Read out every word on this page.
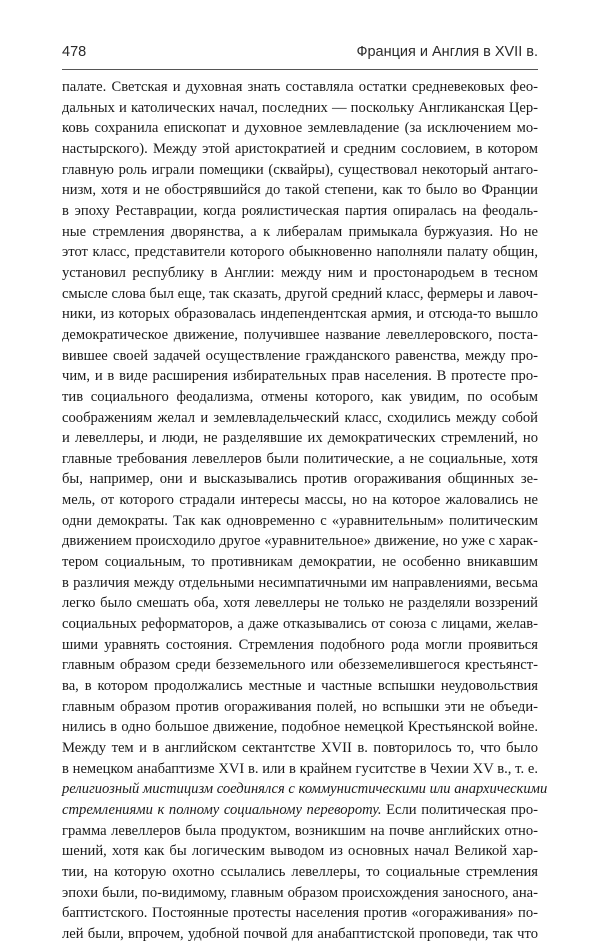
478	Франция и Англия в XVII в.
палате. Светская и духовная знать составляла остатки средневековых фео-
дальных и католических начал, последних — поскольку Англиканская Цер-
ковь сохранила епископат и духовное землевладение (за исключением мо-
настырского). Между этой аристократией и средним сословием, в котором
главную роль играли помещики (сквайры), существовал некоторый антаго-
низм, хотя и не обострявшийся до такой степени, как то было во Франции
в эпоху Реставрации, когда роялистическая партия опиралась на феодаль-
ные стремления дворянства, а к либералам примыкала буржуазия. Но не
этот класс, представители которого обыкновенно наполняли палату общин,
установил республику в Англии: между ним и простонародьем в тесном
смысле слова был еще, так сказать, другой средний класс, фермеры и лавоч-
ники, из которых образовалась индепендентская армия, и отсюда-то вышло
демократическое движение, получившее название левеллеровского, поста-
вившее своей задачей осуществление гражданского равенства, между про-
чим, и в виде расширения избирательных прав населения. В протесте про-
тив социального феодализма, отмены которого, как увидим, по особым
соображениям желал и землевладельческий класс, сходились между собой
и левеллеры, и люди, не разделявшие их демократических стремлений, но
главные требования левеллеров были политические, а не социальные, хотя
бы, например, они и высказывались против огораживания общинных зе-
мель, от которого страдали интересы массы, но на которое жаловались не
одни демократы. Так как одновременно с «уравнительным» политическим
движением происходило другое «уравнительное» движение, но уже с харак-
тером социальным, то противникам демократии, не особенно вникавшим
в различия между отдельными несимпатичными им направлениями, весьма
легко было смешать оба, хотя левеллеры не только не разделяли воззрений
социальных реформаторов, а даже отказывались от союза с лицами, желав-
шими уравнять состояния. Стремления подобного рода могли проявиться
главным образом среди безземельного или обезземелившегося крестьянст-
ва, в котором продолжались местные и частные вспышки неудовольствия
главным образом против огораживания полей, но вспышки эти не объеди-
нились в одно большое движение, подобное немецкой Крестьянской войне.
Между тем и в английском сектантстве XVII в. повторилось то, что было
в немецком анабаптизме XVI в. или в крайнем гуситстве в Чехии XV в., т. е.
религиозный мистицизм соединялся с коммунистическими или анархическими
стремлениями к полному социальному перевороту. Если политическая про-
грамма левеллеров была продуктом, возникшим на почве английских отно-
шений, хотя как бы логическим выводом из основных начал Великой хар-
тии, на которую охотно ссылались левеллеры, то социальные стремления
эпохи были, по-видимому, главным образом происхождения заносного, ана-
баптистского. Постоянные протесты населения против «огораживания» по-
лей были, впрочем, удобной почвой для анабаптистской проповеди, так что
